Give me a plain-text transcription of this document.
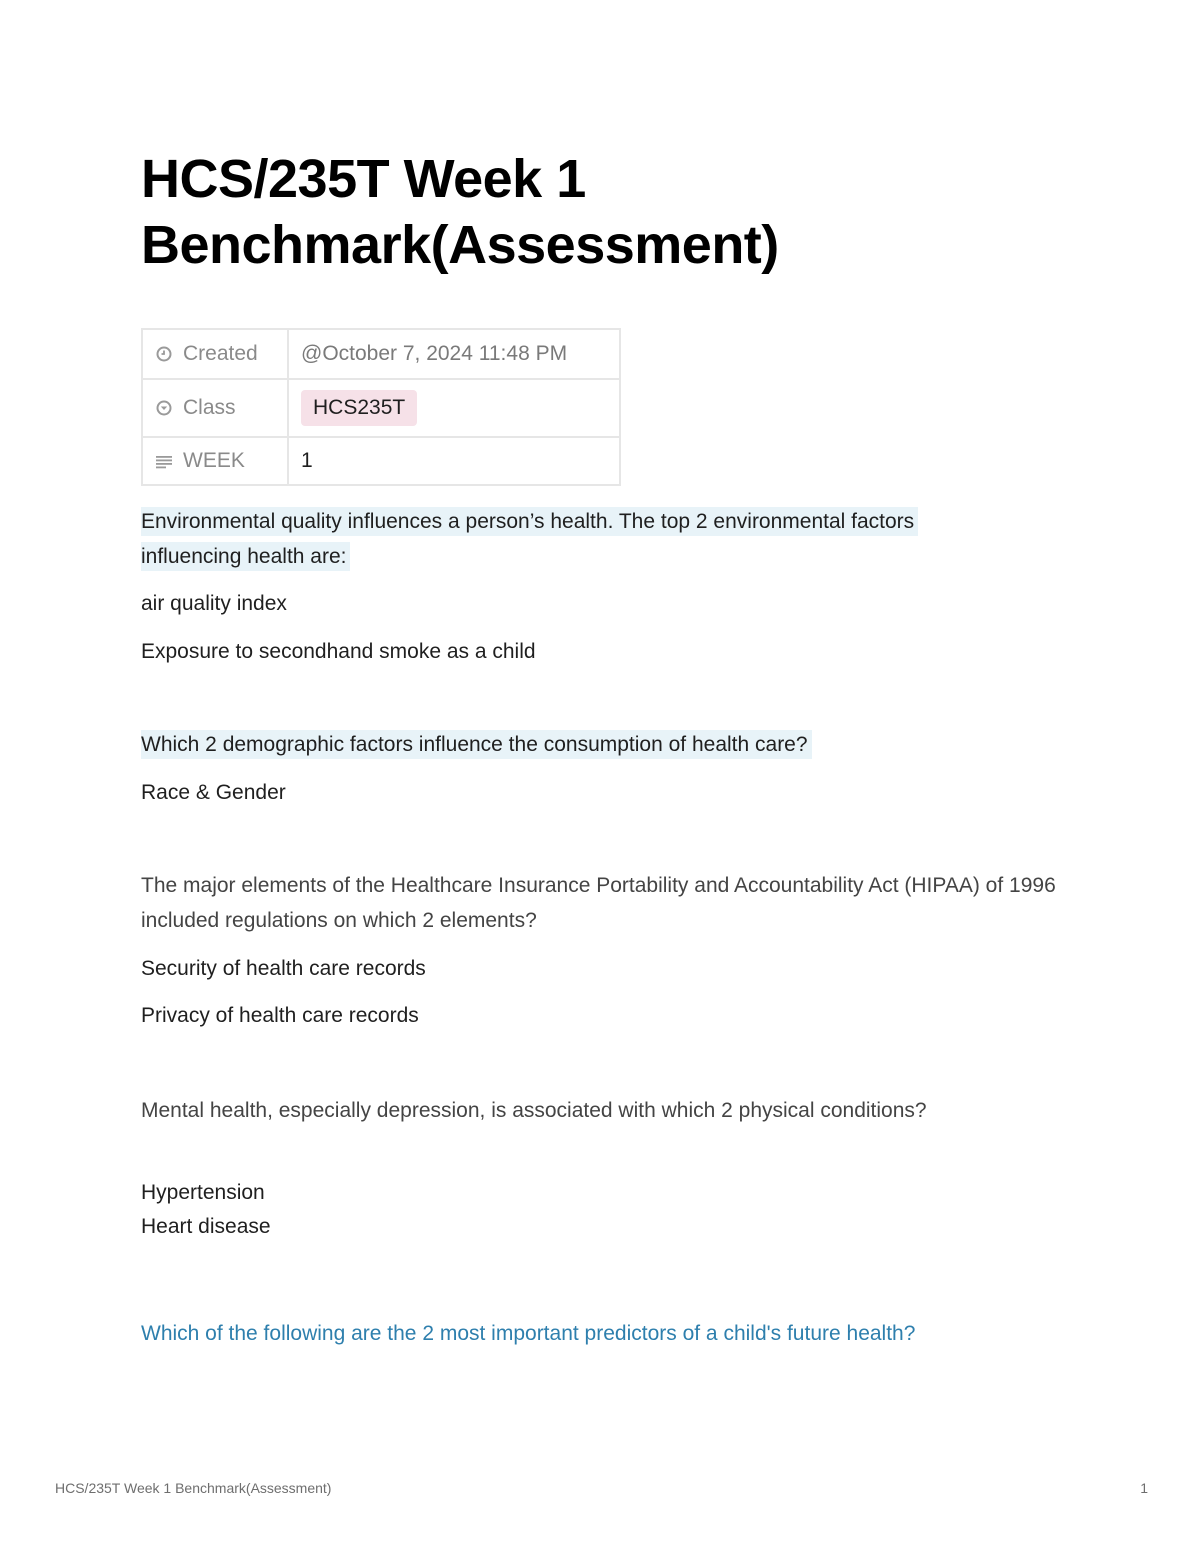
HCS/235T Week 1
Benchmark(Assessment)
Created	@October 7, 2024 11:48 PM

Class	HCS235T

WEEK	1
Environmental quality influences a person’s health. The top 2 environmental factors influencing health are:
air quality index
Exposure to secondhand smoke as a child
Which 2 demographic factors influence the consumption of health care?
Race & Gender
The major elements of the Healthcare Insurance Portability and Accountability Act (HIPAA) of 1996 included regulations on which 2 elements?
Security of health care records
Privacy of health care records
Mental health, especially depression, is associated with which 2 physical conditions?
Hypertension
Heart disease
Which of the following are the 2 most important predictors of a child's future health?
HCS/235T Week 1 Benchmark(Assessment)	1
